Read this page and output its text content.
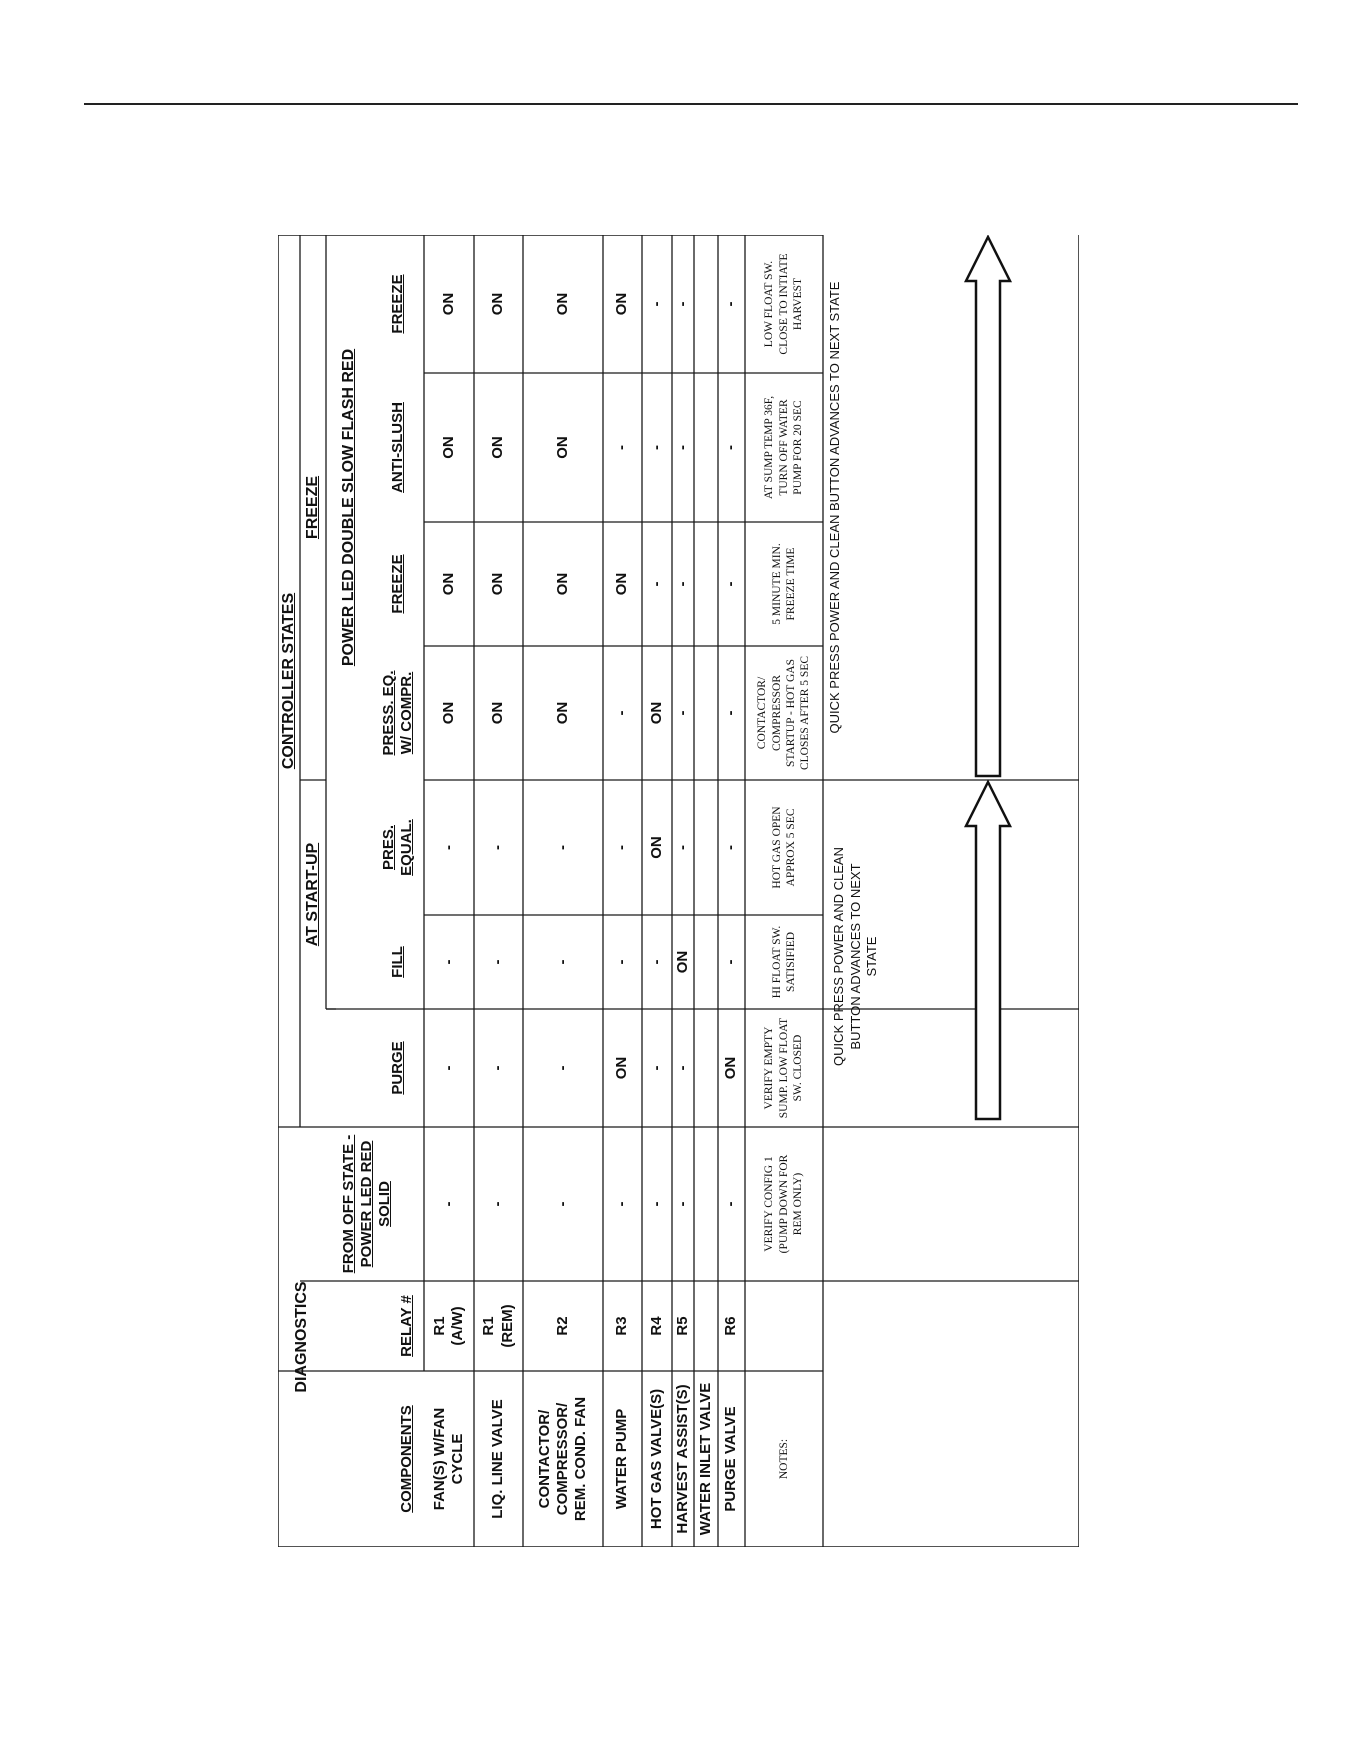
DIAGNOSTICS
CONTROLLER STATES
AT START-UP
FREEZE	POWER LED DOUBLE SLOW FLASH RED
COMPONENTS
RELAY #
FROM OFF STATE -
POWER LED RED
SOLID
PURGE
FILL
PRES.
EQUAL.
PRESS. EQ.
W/ COMPR.
FREEZE
ANTI-SLUSH
FREEZE
FAN(S) W/FAN
CYCLE
R1
(A/W)
-
-
-
-
ON
ON
ON
ON
LIQ. LINE VALVE
R1
(REM)
-
-
-
-
ON
ON
ON
ON
CONTACTOR/
COMPRESSOR/
REM. COND. FAN
R2
-
-
-
-
ON
ON
ON
ON
WATER PUMP
R3
-
ON
-
-
-
ON
-
ON
HOT GAS VALVE(S)
R4
-
-
-
ON
ON
-
-
-
HARVEST ASSIST(S)
R5
-
-
ON
-
-
-
-
-
WATER INLET VALVE PURGE VALVE
R6
-
ON
-
-
-
-
-
-
NOTES:
VERIFY CONFIG 1
(PUMP DOWN FOR
REM ONLY)
VERIFY EMPTY
SUMP. LOW FLOAT
SW. CLOSED
HI FLOAT SW.
SATISIFIED
HOT GAS OPEN
APPROX 5 SEC
CONTACTOR/
COMPRESSOR
STARTUP - HOT GAS
CLOSES AFTER 5 SEC
5 MINUTE MIN.
FREEZE TIME
AT SUMP TEMP 36F,
TURN OFF WATER
PUMP FOR 20 SEC
LOW FLOAT SW.
CLOSE TO INTIATE
HARVEST
QUICK PRESS POWER AND CLEAN
BUTTON ADVANCES TO NEXT
STATE
QUICK PRESS POWER AND CLEAN BUTTON ADVANCES TO NEXT STATE
